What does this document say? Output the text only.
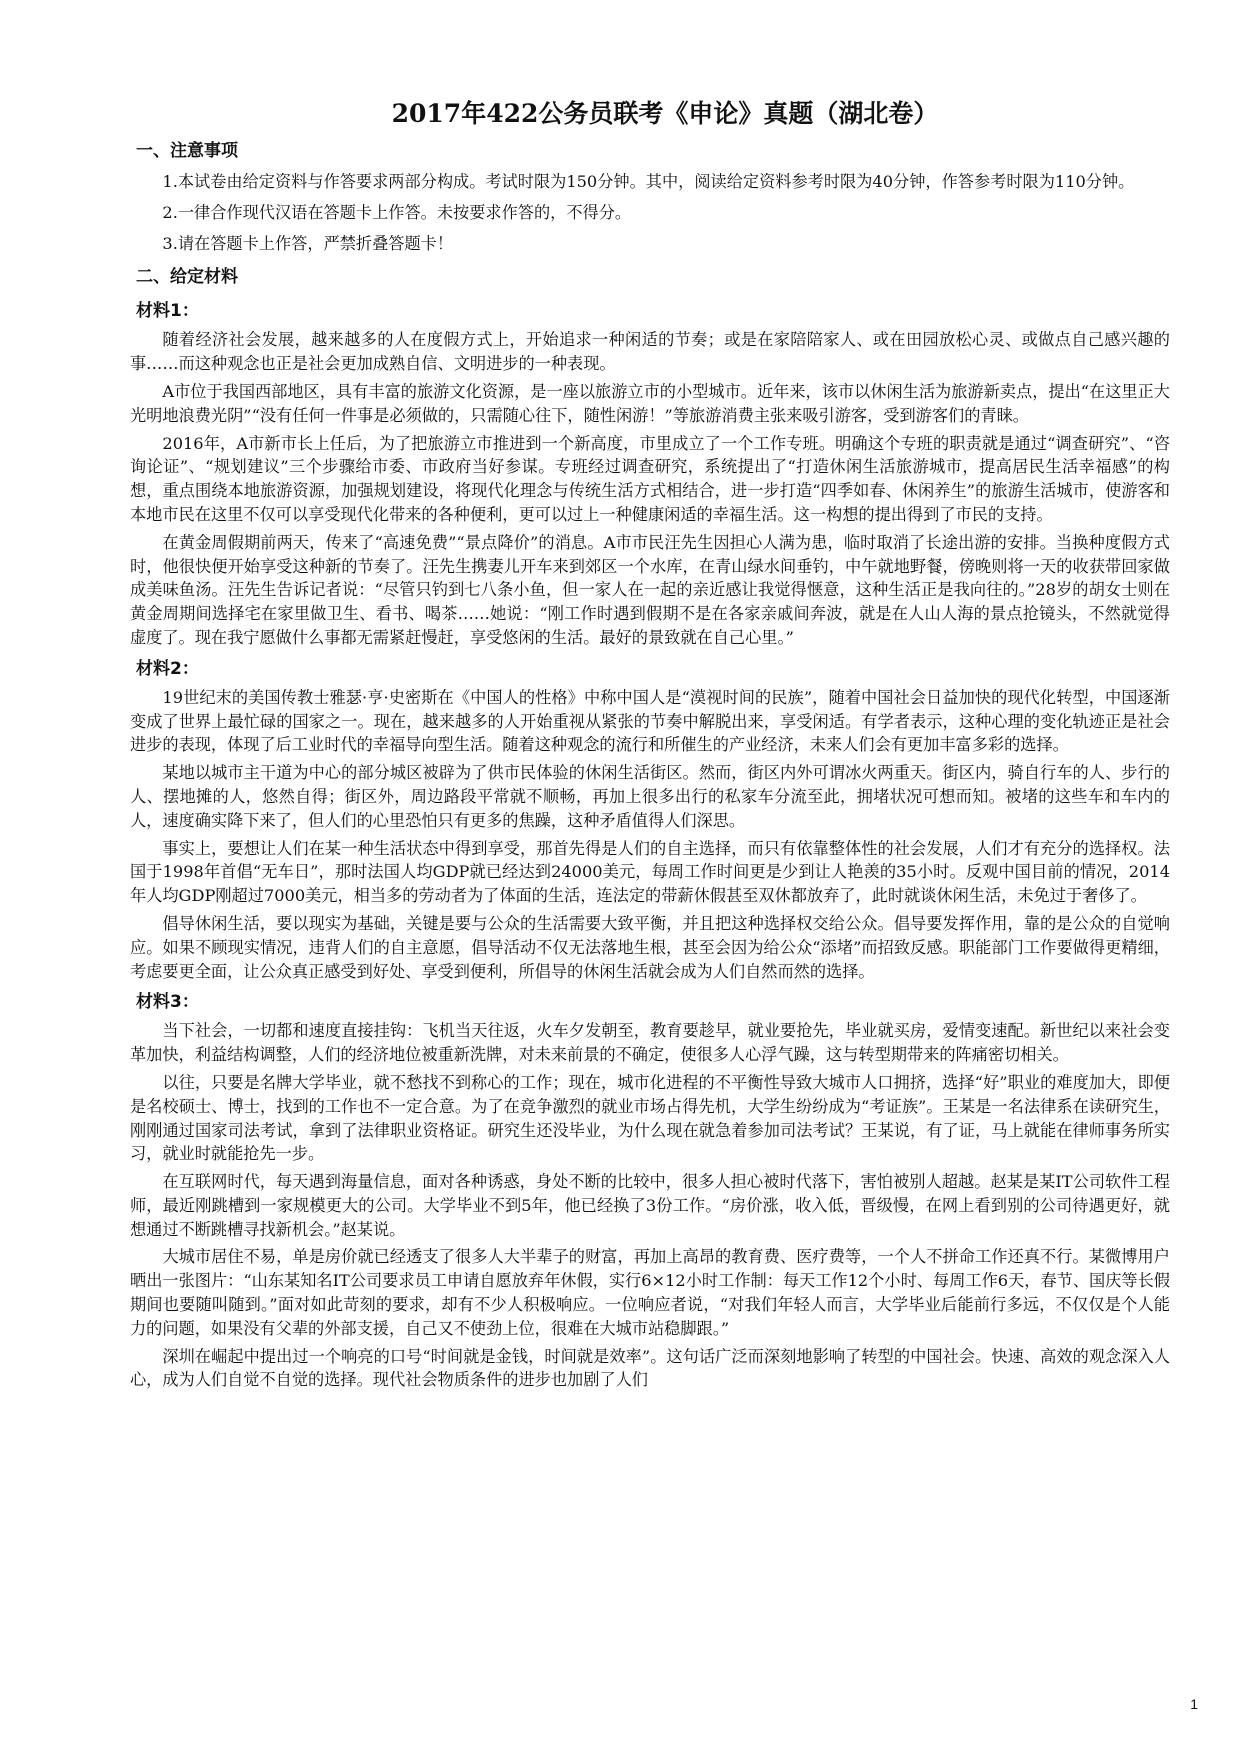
2017年422公务员联考《申论》真题（湖北卷）
一、注意事项

1.本试卷由给定资料与作答要求两部分构成。考试时限为150分钟。其中，阅读给定资料参考时限为40分钟，作答参考时限为110分钟。

2.一律合作现代汉语在答题卡上作答。未按要求作答的，不得分。

3.请在答题卡上作答，严禁折叠答题卡！

二、给定材料
材料1：

随着经济社会发展，越来越多的人在度假方式上，开始追求一种闲适的节奏；或是在家陪陪家人、或在田园放松心灵、或做点自己感兴趣的事……而这种观念也正是社会更加成熟自信、文明进步的一种表现。

A市位于我国西部地区，具有丰富的旅游文化资源，是一座以旅游立市的小型城市。近年来，该市以休闲生活为旅游新卖点，提出“在这里正大光明地浪费光阴”“没有任何一件事是必须做的，只需随心往下，随性闲游！”等旅游消费主张来吸引游客，受到游客们的青睐。

2016年，A市新市长上任后，为了把旅游立市推进到一个新高度，市里成立了一个工作专班。明确这个专班的职责就是通过“调查研究”、“咨询论证”、“规划建议”三个步骤给市委、市政府当好参谋。专班经过调查研究，系统提出了“打造休闲生活旅游城市，提高居民生活幸福感”的构想，重点围绕本地旅游资源，加强规划建设，将现代化理念与传统生活方式相结合，进一步打造“四季如春、休闲养生”的旅游生活城市，使游客和本地市民在这里不仅可以享受现代化带来的各种便利，更可以过上一种健康闲适的幸福生活。这一构想的提出得到了市民的支持。

在黄金周假期前两天，传来了“高速免费”“景点降价”的消息。A市市民汪先生因担心人满为患，临时取消了长途出游的安排。当换种度假方式时，他很快便开始享受这种新的节奏了。汪先生携妻儿开车来到郊区一个水库，在青山绿水间垂钓，中午就地野餐，傍晚则将一天的收获带回家做成美味鱼汤。汪先生告诉记者说：“尽管只钓到七八条小鱼，但一家人在一起的亲近感让我觉得惬意，这种生活正是我向往的。”28岁的胡女士则在黄金周期间选择宅在家里做卫生、看书、喝茶……她说：“刚工作时遇到假期不是在各家亲戚间奔波，就是在人山人海的景点抢镜头，不然就觉得虚度了。现在我宁愿做什么事都无需紧赶慢赶，享受悠闲的生活。最好的景致就在自己心里。”

材料2：

19世纪末的美国传教士雅瑟·亨·史密斯在《中国人的性格》中称中国人是“漠视时间的民族”，随着中国社会日益加快的现代化转型，中国逐渐变成了世界上最忙碌的国家之一。现在，越来越多的人开始重视从紧张的节奏中解脱出来，享受闲适。有学者表示，这种心理的变化轨迹正是社会进步的表现，体现了后工业时代的幸福导向型生活。随着这种观念的流行和所催生的产业经济，未来人们会有更加丰富多彩的选择。

某地以城市主干道为中心的部分城区被辟为了供市民体验的休闲生活街区。然而，街区内外可谓冰火两重天。街区内，骑自行车的人、步行的人、摆地摊的人，悠然自得；街区外，周边路段平常就不顺畅，再加上很多出行的私家车分流至此，拥堵状况可想而知。被堵的这些车和车内的人，速度确实降下来了，但人们的心里恐怕只有更多的焦躁，这种矛盾值得人们深思。

事实上，要想让人们在某一种生活状态中得到享受，那首先得是人们的自主选择，而只有依靠整体性的社会发展，人们才有充分的选择权。法国于1998年首倡“无车日”，那时法国人均GDP就已经达到24000美元，每周工作时间更是少到让人艳羡的35小时。反观中国目前的情况，2014年人均GDP刚超过7000美元，相当多的劳动者为了体面的生活，连法定的带薪休假甚至双休都放弃了，此时就谈休闲生活，未免过于奢侈了。

倡导休闲生活，要以现实为基础，关键是要与公众的生活需要大致平衡，并且把这种选择权交给公众。倡导要发挥作用，靠的是公众的自觉响应。如果不顾现实情况，违背人们的自主意愿，倡导活动不仅无法落地生根，甚至会因为给公众“添堵”而招致反感。职能部门工作要做得更精细，考虑要更全面，让公众真正感受到好处、享受到便利，所倡导的休闲生活就会成为人们自然而然的选择。

材料3：

当下社会，一切都和速度直接挂钩：飞机当天往返，火车夕发朝至，教育要趁早，就业要抢先，毕业就买房，爱情变速配。新世纪以来社会变革加快，利益结构调整，人们的经济地位被重新洗牌，对未来前景的不确定，使很多人心浮气躁，这与转型期带来的阵痛密切相关。

以往，只要是名牌大学毕业，就不愁找不到称心的工作；现在，城市化进程的不平衡性导致大城市人口拥挤，选择“好”职业的难度加大，即便是名校硕士、博士，找到的工作也不一定合意。为了在竞争激烈的就业市场占得先机，大学生纷纷成为“考证族”。王某是一名法律系在读研究生，刚刚通过国家司法考试，拿到了法律职业资格证。研究生还没毕业，为什么现在就急着参加司法考试？王某说，有了证，马上就能在律师事务所实习，就业时就能抢先一步。

在互联网时代，每天遇到海量信息，面对各种诱惑，身处不断的比较中，很多人担心被时代落下，害怕被别人超越。赵某是某IT公司软件工程师，最近刚跳槽到一家规模更大的公司。大学毕业不到5年，他已经换了3份工作。“房价涨，收入低，晋级慢，在网上看到别的公司待遇更好，就想通过不断跳槽寻找新机会。”赵某说。

大城市居住不易，单是房价就已经透支了很多人大半辈子的财富，再加上高昂的教育费、医疗费等，一个人不拼命工作还真不行。某微博用户晒出一张图片：“山东某知名IT公司要求员工申请自愿放弃年休假，实行6×12小时工作制：每天工作12个小时、每周工作6天，春节、国庆等长假期间也要随叫随到。”面对如此苛刻的要求，却有不少人积极响应。一位响应者说，“对我们年轻人而言，大学毕业后能前行多远，不仅仅是个人能力的问题，如果没有父辈的外部支援，自己又不使劲上位，很难在大城市站稳脚跟。”

深圳在崛起中提出过一个响亮的口号“时间就是金钱，时间就是效率”。这句话广泛而深刻地影响了转型的中国社会。快速、高效的观念深入人心，成为人们自觉不自觉的选择。现代社会物质条件的进步也加剧了人们

1
